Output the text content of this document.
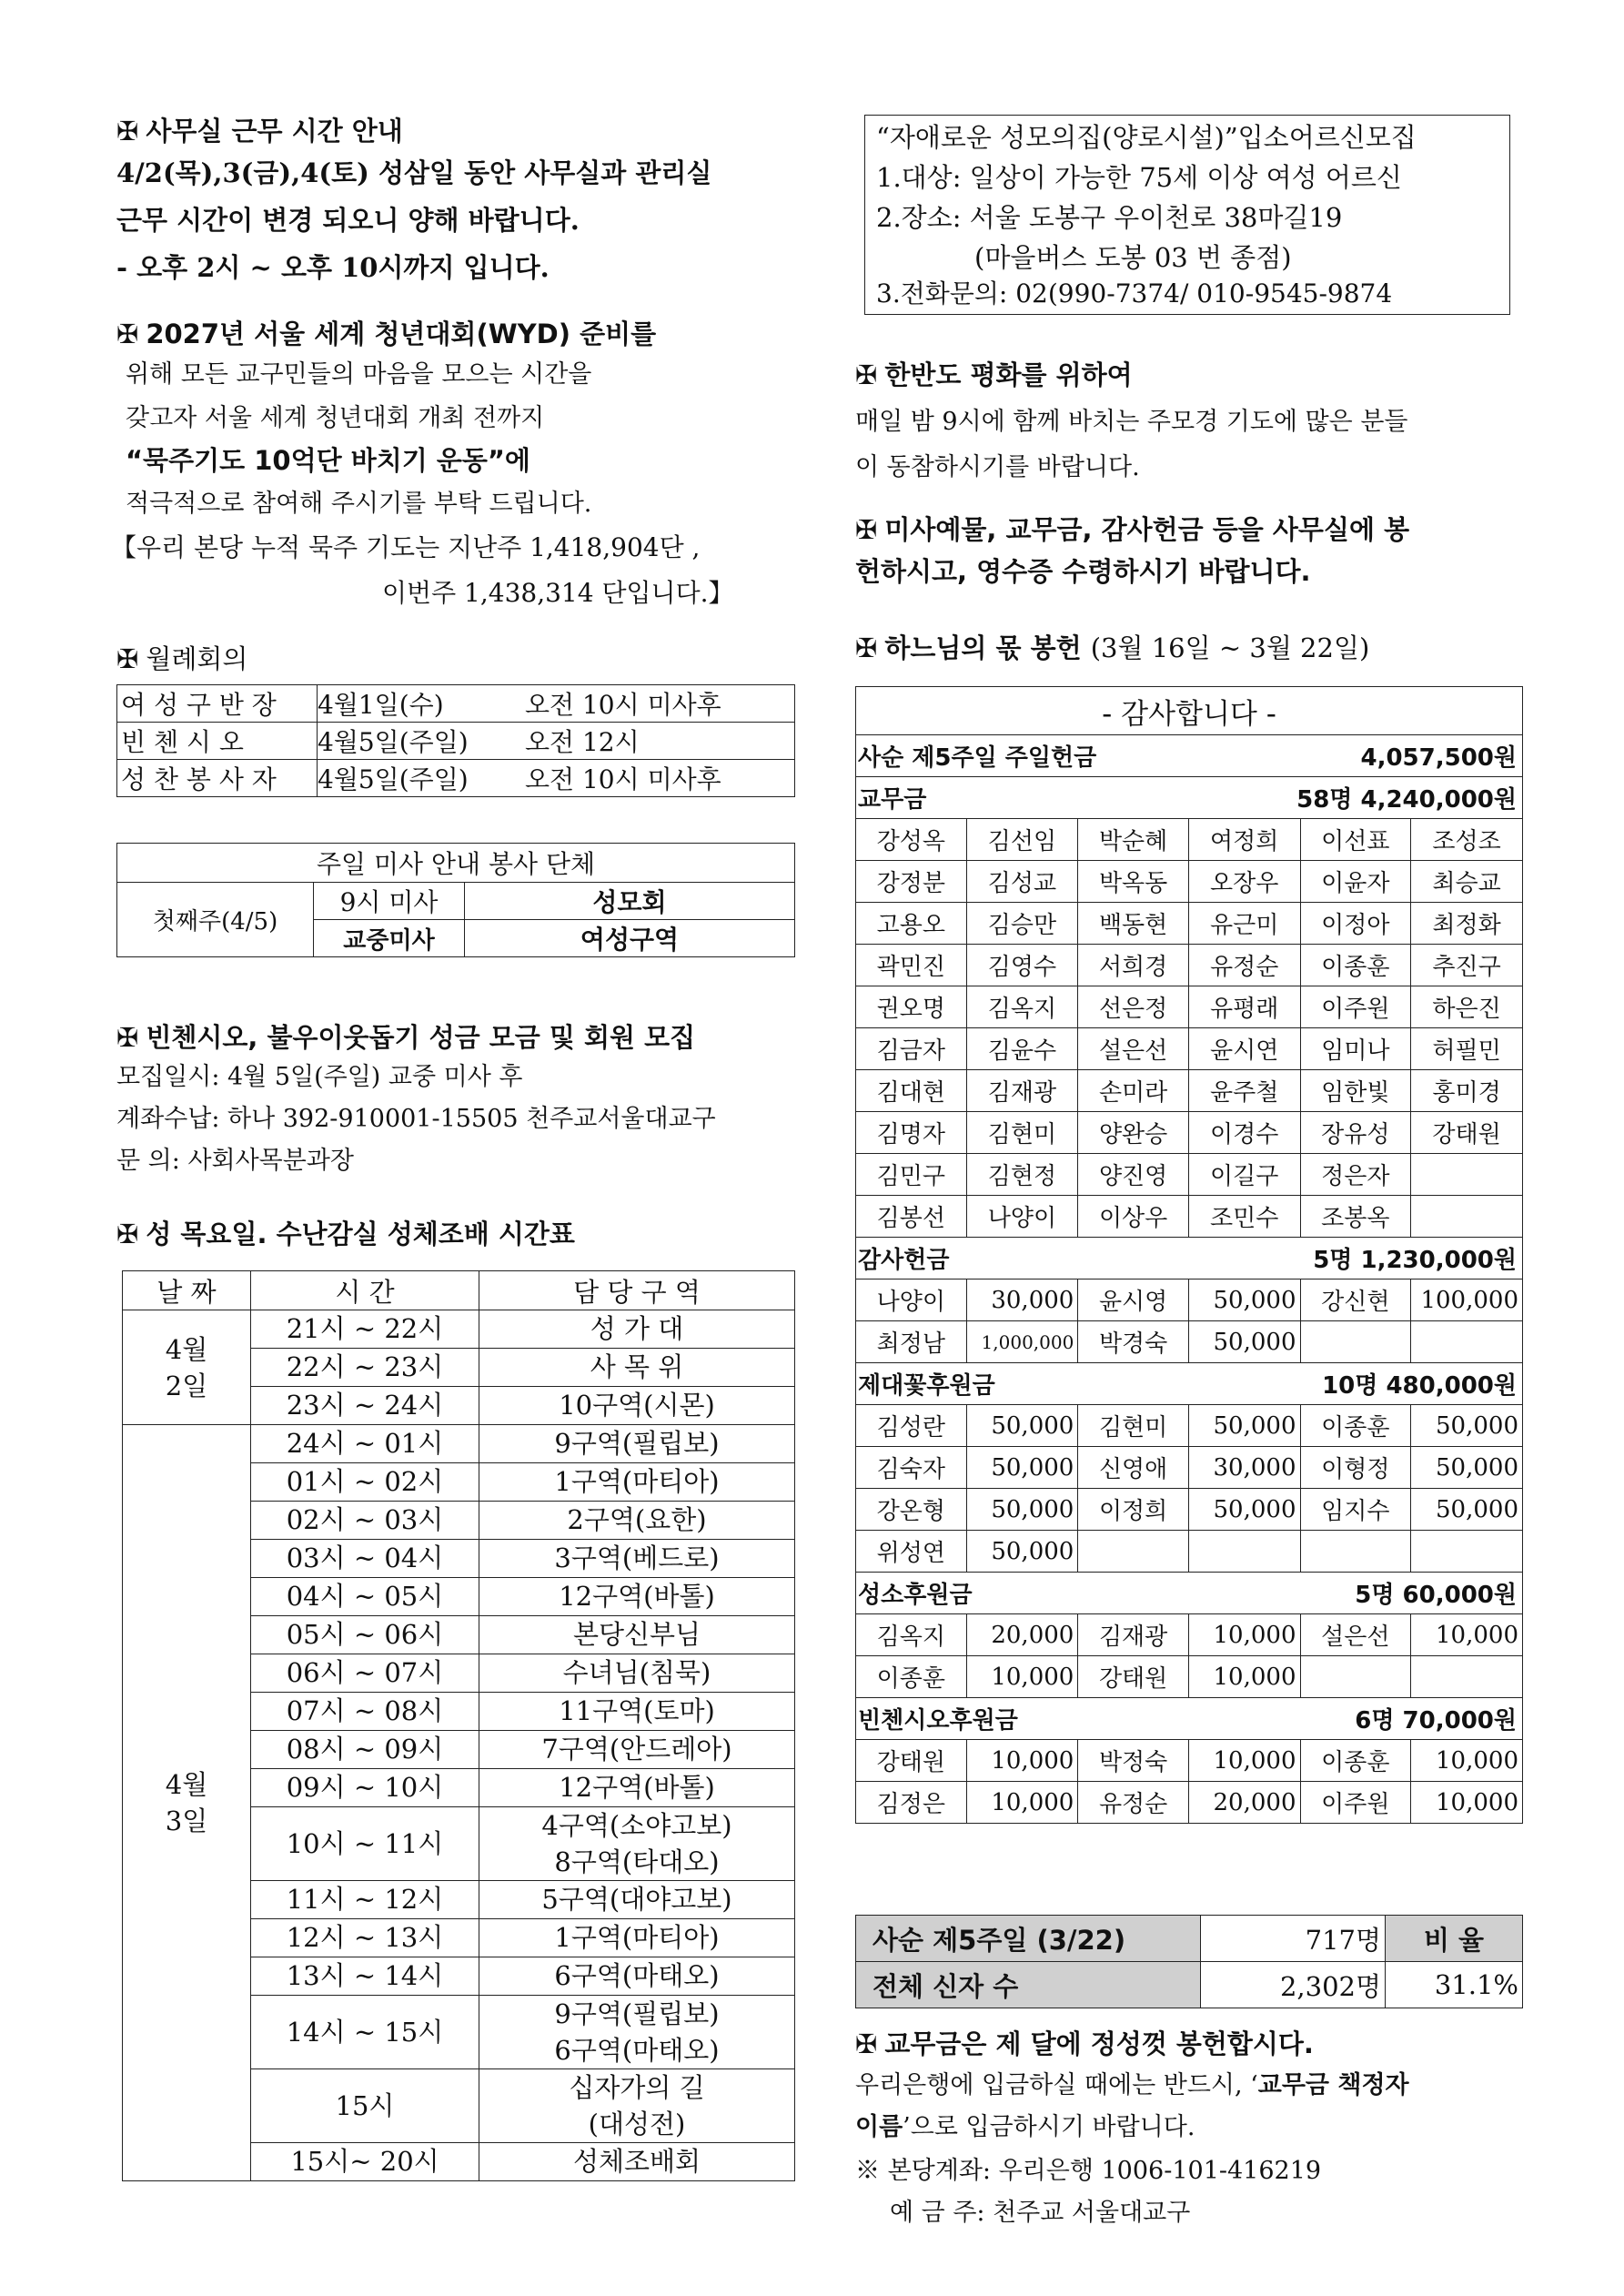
✠ 사무실 근무 시간 안내
4/2(목),3(금),4(토) 성삼일 동안 사무실과 관리실
근무 시간이 변경 되오니 양해 바랍니다.
- 오후 2시 ~ 오후 10시까지 입니다.
✠ 2027년 서울 세계 청년대회(WYD) 준비를
위해 모든 교구민들의 마음을 모으는 시간을
갖고자 서울 세계 청년대회 개최 전까지
“묵주기도 10억단 바치기 운동”에
적극적으로 참여해 주시기를 부탁 드립니다.
【우리 본당 누적 묵주 기도는 지난주 1,418,904단 ,
이번주 1,438,314 단입니다.】
✠ 월례회의
여 성 구 반 장	4월1일(수)	오전 10시 미사후
빈 첸 시 오	4월5일(주일)	오전 12시
성 찬 봉 사 자	4월5일(주일)	오전 10시 미사후
주일 미사 안내 봉사 단체		
첫째주(4/5)	9시 미사	성모회
	교중미사	여성구역
✠ 빈첸시오, 불우이웃돕기 성금 모금 및 회원 모집
모집일시: 4월 5일(주일) 교중 미사 후
계좌수납: 하나 392-910001-15505 천주교서울대교구
문 의: 사회사목분과장
✠ 성 목요일. 수난감실 성체조배 시간표
날 짜	시 간	담 당 구 역
4월
2일	21시 ~ 22시	성 가 대
	22시 ~ 23시	사 목 위
	23시 ~ 24시	10구역(시몬)
4월
3일	24시 ~ 01시	9구역(필립보)
	01시 ~ 02시	1구역(마티아)
	02시 ~ 03시	2구역(요한)
	03시 ~ 04시	3구역(베드로)
	04시 ~ 05시	12구역(바톨)
	05시 ~ 06시	본당신부님
	06시 ~ 07시	수녀님(침묵)
	07시 ~ 08시	11구역(토마)
	08시 ~ 09시	7구역(안드레아)
	09시 ~ 10시	12구역(바톨)
	10시 ~ 11시	4구역(소야고보)
8구역(타대오)
	11시 ~ 12시	5구역(대야고보)
	12시 ~ 13시	1구역(마티아)
	13시 ~ 14시	6구역(마태오)
	14시 ~ 15시	9구역(필립보)
6구역(마태오)
	15시	십자가의 길
(대성전)
	15시~ 20시	성체조배회
“자애로운 성모의집(양로시설)”입소어르신모집
1.대상: 일상이 가능한 75세 이상 여성 어르신
2.장소: 서울 도봉구 우이천로 38마길19
(마을버스 도봉 03 번 종점)
3.전화문의: 02(990-7374/ 010-9545-9874
✠ 한반도 평화를 위하여
매일 밤 9시에 함께 바치는 주모경 기도에 많은 분들
이 동참하시기를 바랍니다.
✠ 미사예물, 교무금, 감사헌금 등을 사무실에 봉
헌하시고, 영수증 수령하시기 바랍니다.
✠ 하느님의 몫 봉헌 (3월 16일 ~ 3월 22일)
- 감사합니다 -					
사순 제5주일 주일헌금			4,057,500원		
교무금			58명 4,240,000원		
강성옥	김선임	박순혜	여정희	이선표	조성조
강정분	김성교	박옥동	오장우	이윤자	최승교
고용오	김승만	백동현	유근미	이정아	최정화
곽민진	김영수	서희경	유정순	이종훈	추진구
권오명	김옥지	선은정	유평래	이주원	하은진
김금자	김윤수	설은선	윤시연	임미나	허필민
김대현	김재광	손미라	윤주철	임한빛	홍미경
김명자	김현미	양완승	이경수	장유성	강태원
김민구	김현정	양진영	이길구	정은자	
김봉선	나양이	이상우	조민수	조봉옥	
감사헌금			5명 1,230,000원		
나양이	30,000	윤시영	50,000	강신현	100,000
최정남	1,000,000	박경숙	50,000		
제대꽃후원금			10명 480,000원		
김성란	50,000	김현미	50,000	이종훈	50,000
김숙자	50,000	신영애	30,000	이형정	50,000
강온형	50,000	이정희	50,000	임지수	50,000
위성연	50,000				
성소후원금			5명 60,000원		
김옥지	20,000	김재광	10,000	설은선	10,000
이종훈	10,000	강태원	10,000		
빈첸시오후원금			6명 70,000원		
강태원	10,000	박정숙	10,000	이종훈	10,000
김정은	10,000	유정순	20,000	이주원	10,000
사순 제5주일 (3/22)	717명	비 율
전체 신자 수	2,302명	31.1%
✠ 교무금은 제 달에 정성껏 봉헌합시다.
우리은행에 입금하실 때에는 반드시, ‘교무금 책정자
이름’으로 입금하시기 바랍니다.
※ 본당계좌: 우리은행 1006-101-416219
예 금 주: 천주교 서울대교구
